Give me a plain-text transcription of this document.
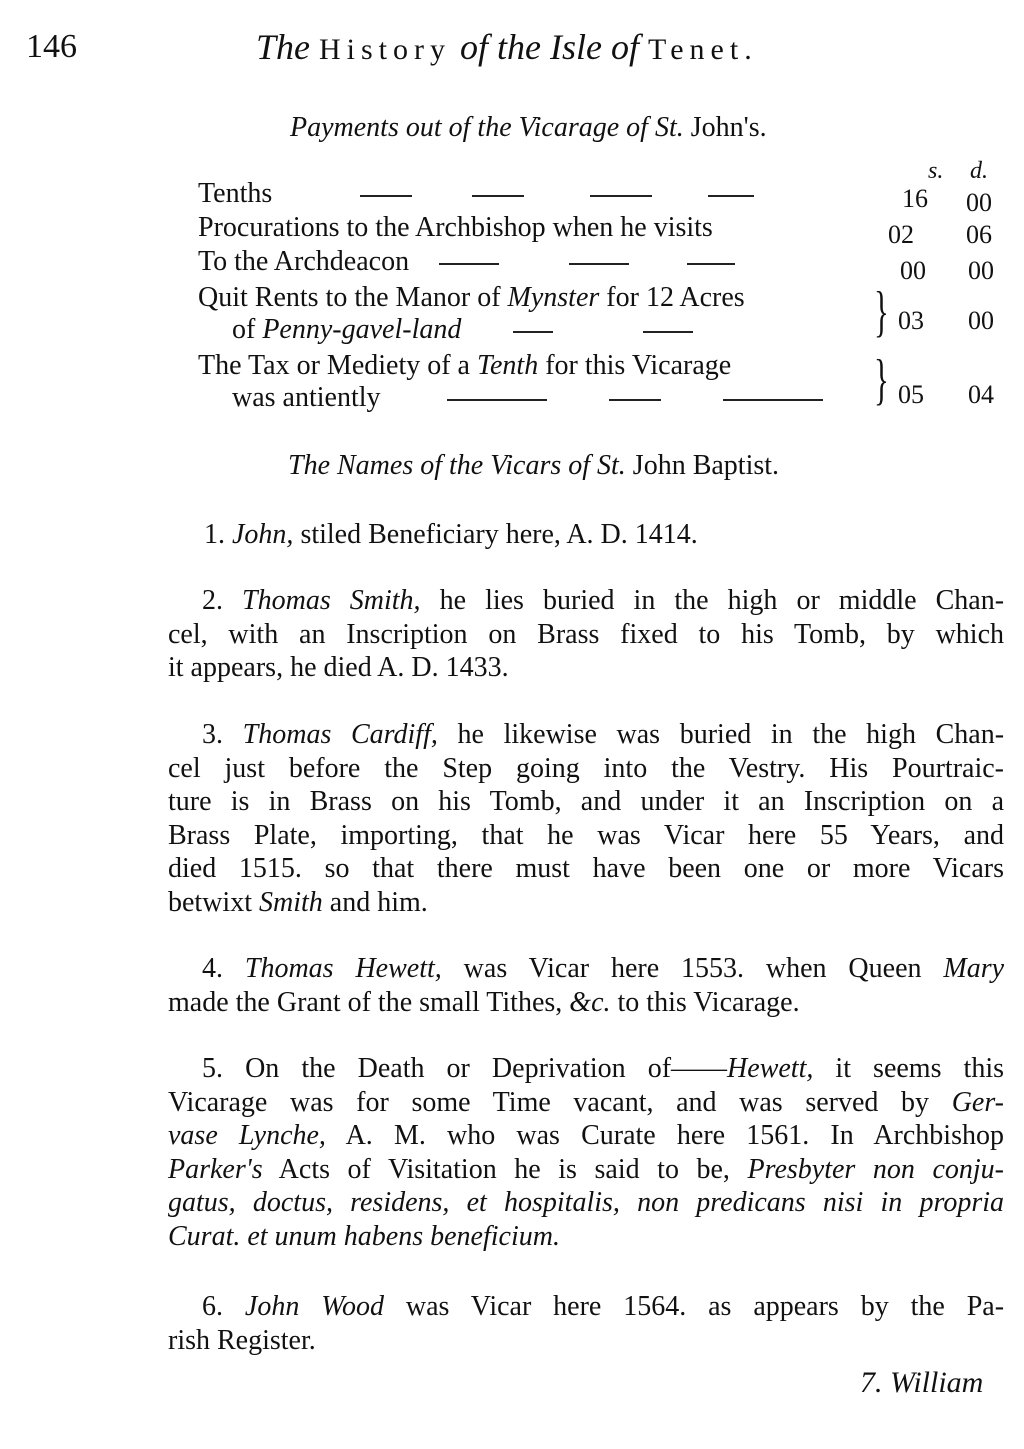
146	The History of the Isle of Tenet.
Payments out of the Vicarage of St. John's.
s. d.
Tenths	16 00
Procurations to the Archbishop when he visits	02 06
To the Archdeacon	00 00
Quit Rents to the Manor of Mynster for 12 Acres
of Penny-gavel-land	} 03 00
The Tax or Mediety of a Tenth for this Vicarage
was antiently	} 05 04
The Names of the Vicars of St. John Baptist.
1. John, stiled Beneficiary here, A. D. 1414.
2. Thomas Smith, he lies buried in the high or middle Chan-
cel, with an Inscription on Brass fixed to his Tomb, by which
it appears, he died A. D. 1433.
3. Thomas Cardiff, he likewise was buried in the high Chan-
cel just before the Step going into the Vestry. His Pourtraic-
ture is in Brass on his Tomb, and under it an Inscription on a
Brass Plate, importing, that he was Vicar here 55 Years, and
died 1515. so that there must have been one or more Vicars
betwixt Smith and him.
4. Thomas Hewett, was Vicar here 1553. when Queen Mary
made the Grant of the small Tithes, &c. to this Vicarage.
5. On the Death or Deprivation of——Hewett, it seems this
Vicarage was for some Time vacant, and was served by Ger-
vase Lynche, A. M. who was Curate here 1561. In Archbishop
Parker's Acts of Visitation he is said to be, Presbyter non conju-
gatus, doctus, residens, et hospitalis, non predicans nisi in propria
Curat. et unum habens beneficium.
6. John Wood was Vicar here 1564. as appears by the Pa-
rish Register.
7. William
